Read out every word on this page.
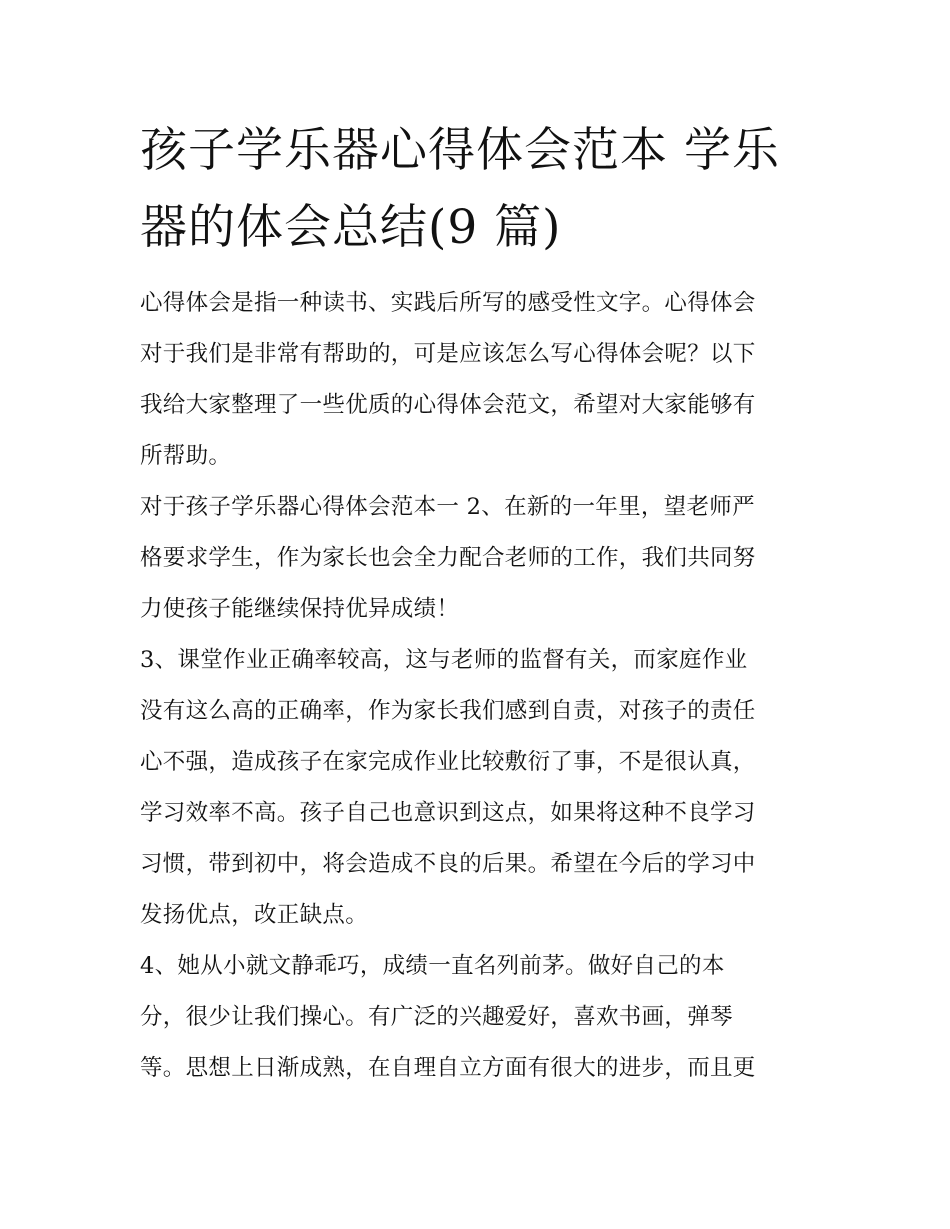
孩子学乐器心得体会范本 学乐
器的体会总结(9 篇)
心得体会是指一种读书、实践后所写的感受性文字。心得体会
对于我们是非常有帮助的，可是应该怎么写心得体会呢？以下
我给大家整理了一些优质的心得体会范文，希望对大家能够有
所帮助。
对于孩子学乐器心得体会范本一 2、在新的一年里，望老师严
格要求学生，作为家长也会全力配合老师的工作，我们共同努
力使孩子能继续保持优异成绩！
3、课堂作业正确率较高，这与老师的监督有关，而家庭作业
没有这么高的正确率，作为家长我们感到自责，对孩子的责任
心不强，造成孩子在家完成作业比较敷衍了事，不是很认真，
学习效率不高。孩子自己也意识到这点，如果将这种不良学习
习惯，带到初中，将会造成不良的后果。希望在今后的学习中
发扬优点，改正缺点。
4、她从小就文静乖巧，成绩一直名列前茅。做好自己的本
分，很少让我们操心。有广泛的兴趣爱好，喜欢书画，弹琴
等。思想上日渐成熟，在自理自立方面有很大的进步，而且更
